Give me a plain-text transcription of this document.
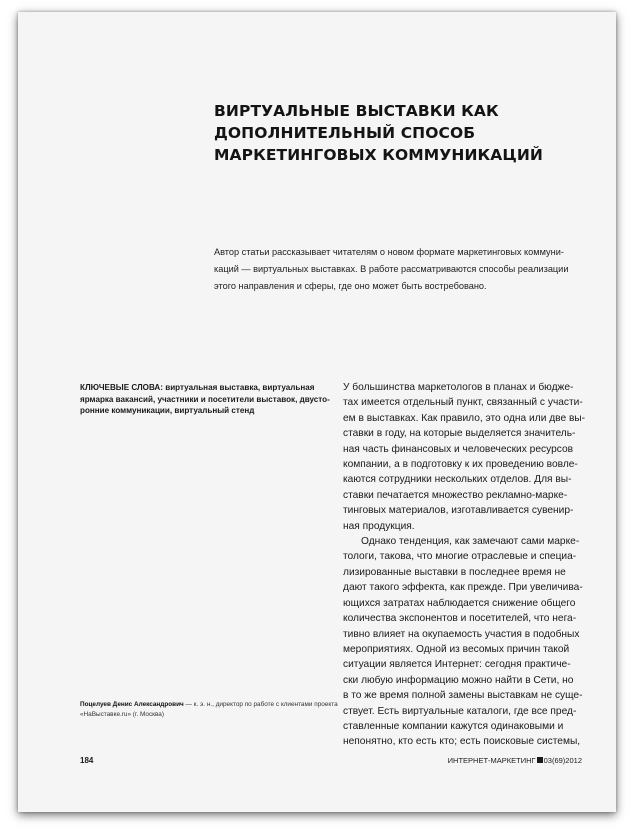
ВИРТУАЛЬНЫЕ ВЫСТАВКИ КАК
ДОПОЛНИТЕЛЬНЫЙ СПОСОБ
МАРКЕТИНГОВЫХ КОММУНИКАЦИЙ
Автор статьи рассказывает читателям о новом формате маркетинговых коммуни-
каций — виртуальных выставках. В работе рассматриваются способы реализации
этого направления и сферы, где оно может быть востребовано.
КЛЮЧЕВЫЕ СЛОВА: виртуальная выставка, виртуальная
ярмарка вакансий, участники и посетители выставок, двусто-
ронние коммуникации, виртуальный стенд
Поцелуев Денис Александрович — к. э. н., директор по работе с клиентами проекта
«НаВыставке.ru» (г. Москва)
У большинства маркетологов в планах и бюдже-
тах имеется отдельный пункт, связанный с участи-
ем в выставках. Как правило, это одна или две вы-
ставки в году, на которые выделяется значитель-
ная часть финансовых и человеческих ресурсов
компании, а в подготовку к их проведению вовле-
каются сотрудники нескольких отделов. Для вы-
ставки печатается множество рекламно-марке-
тинговых материалов, изготавливается сувенир-
ная продукция.
Однако тенденция, как замечают сами марке-
тологи, такова, что многие отраслевые и специа-
лизированные выставки в последнее время не
дают такого эффекта, как прежде. При увеличива-
ющихся затратах наблюдается снижение общего
количества экспонентов и посетителей, что нега-
тивно влияет на окупаемость участия в подобных
мероприятиях. Одной из весомых причин такой
ситуации является Интернет: сегодня практиче-
ски любую информацию можно найти в Сети, но
в то же время полной замены выставкам не суще-
ствует. Есть виртуальные каталоги, где все пред-
ставленные компании кажутся одинаковыми и
непонятно, кто есть кто; есть поисковые системы,
184	ИНТЕРНЕТ-МАРКЕТИНГ 03(69)2012
